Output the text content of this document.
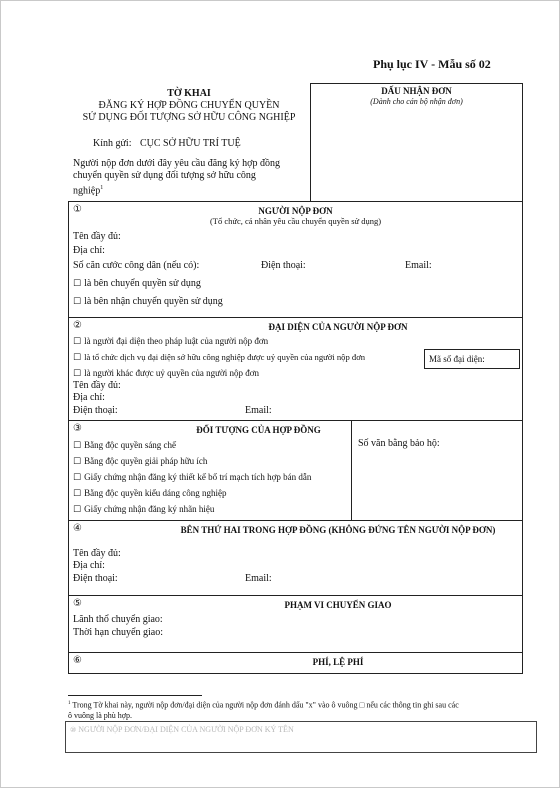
Phụ lục IV - Mẫu số 02
TỜ KHAI
ĐĂNG KÝ HỢP ĐỒNG CHUYỂN QUYỀN
SỬ DỤNG ĐỐI TƯỢNG SỞ HỮU CÔNG NGHIỆP
Kính gửi: CỤC SỞ HỮU TRÍ TUỆ
Người nộp đơn dưới đây yêu cầu đăng ký hợp đồng
chuyển quyền sử dụng đối tượng sở hữu công
nghiệp$^1$
DẤU NHẬN ĐƠN
(Dành cho cán bộ nhận đơn)
①	NGƯỜI NỘP ĐƠN
(Tổ chức, cá nhân yêu cầu chuyển quyền sử dụng)
Tên đầy đủ:
Địa chỉ:
Số căn cước công dân (nếu có):	Điện thoại:	Email:
☐ là bên chuyển quyền sử dụng
☐ là bên nhận chuyển quyền sử dụng
②	ĐẠI DIỆN CỦA NGƯỜI NỘP ĐƠN
☐ là người đại diện theo pháp luật của người nộp đơn
☐ là tổ chức dịch vụ đại diện sở hữu công nghiệp được uỷ quyền của người nộp đơn	Mã số đại diện:
☐ là người khác được uỷ quyền của người nộp đơn
Tên đầy đủ:
Địa chỉ:
Điện thoại:	Email:
③	ĐỐI TƯỢNG CỦA HỢP ĐỒNG
☐ Bằng độc quyền sáng chế
☐ Bằng độc quyền giải pháp hữu ích
☐ Giấy chứng nhận đăng ký thiết kế bố trí mạch tích hợp bán dẫn
☐ Bằng độc quyền kiểu dáng công nghiệp
☐ Giấy chứng nhận đăng ký nhãn hiệu
Số văn bằng bảo hộ:
④	BÊN THỨ HAI TRONG HỢP ĐỒNG (KHÔNG ĐỨNG TÊN NGƯỜI NỘP ĐƠN)
Tên đầy đủ:
Địa chỉ:
Điện thoại:	Email:
⑤	PHẠM VI CHUYỂN GIAO
Lãnh thổ chuyển giao:
Thời hạn chuyển giao:
⑥	PHÍ, LỆ PHÍ
$^1$ Trong Tờ khai này, người nộp đơn/đại diện của người nộp đơn đánh dấu "x" vào ô vuông □ nếu các thông tin ghi sau các
ô vuông là phù hợp.
⑩ NGƯỜI NỘP ĐƠN/ĐẠI DIỆN CỦA NGƯỜI NỘP ĐƠN KÝ TÊN
